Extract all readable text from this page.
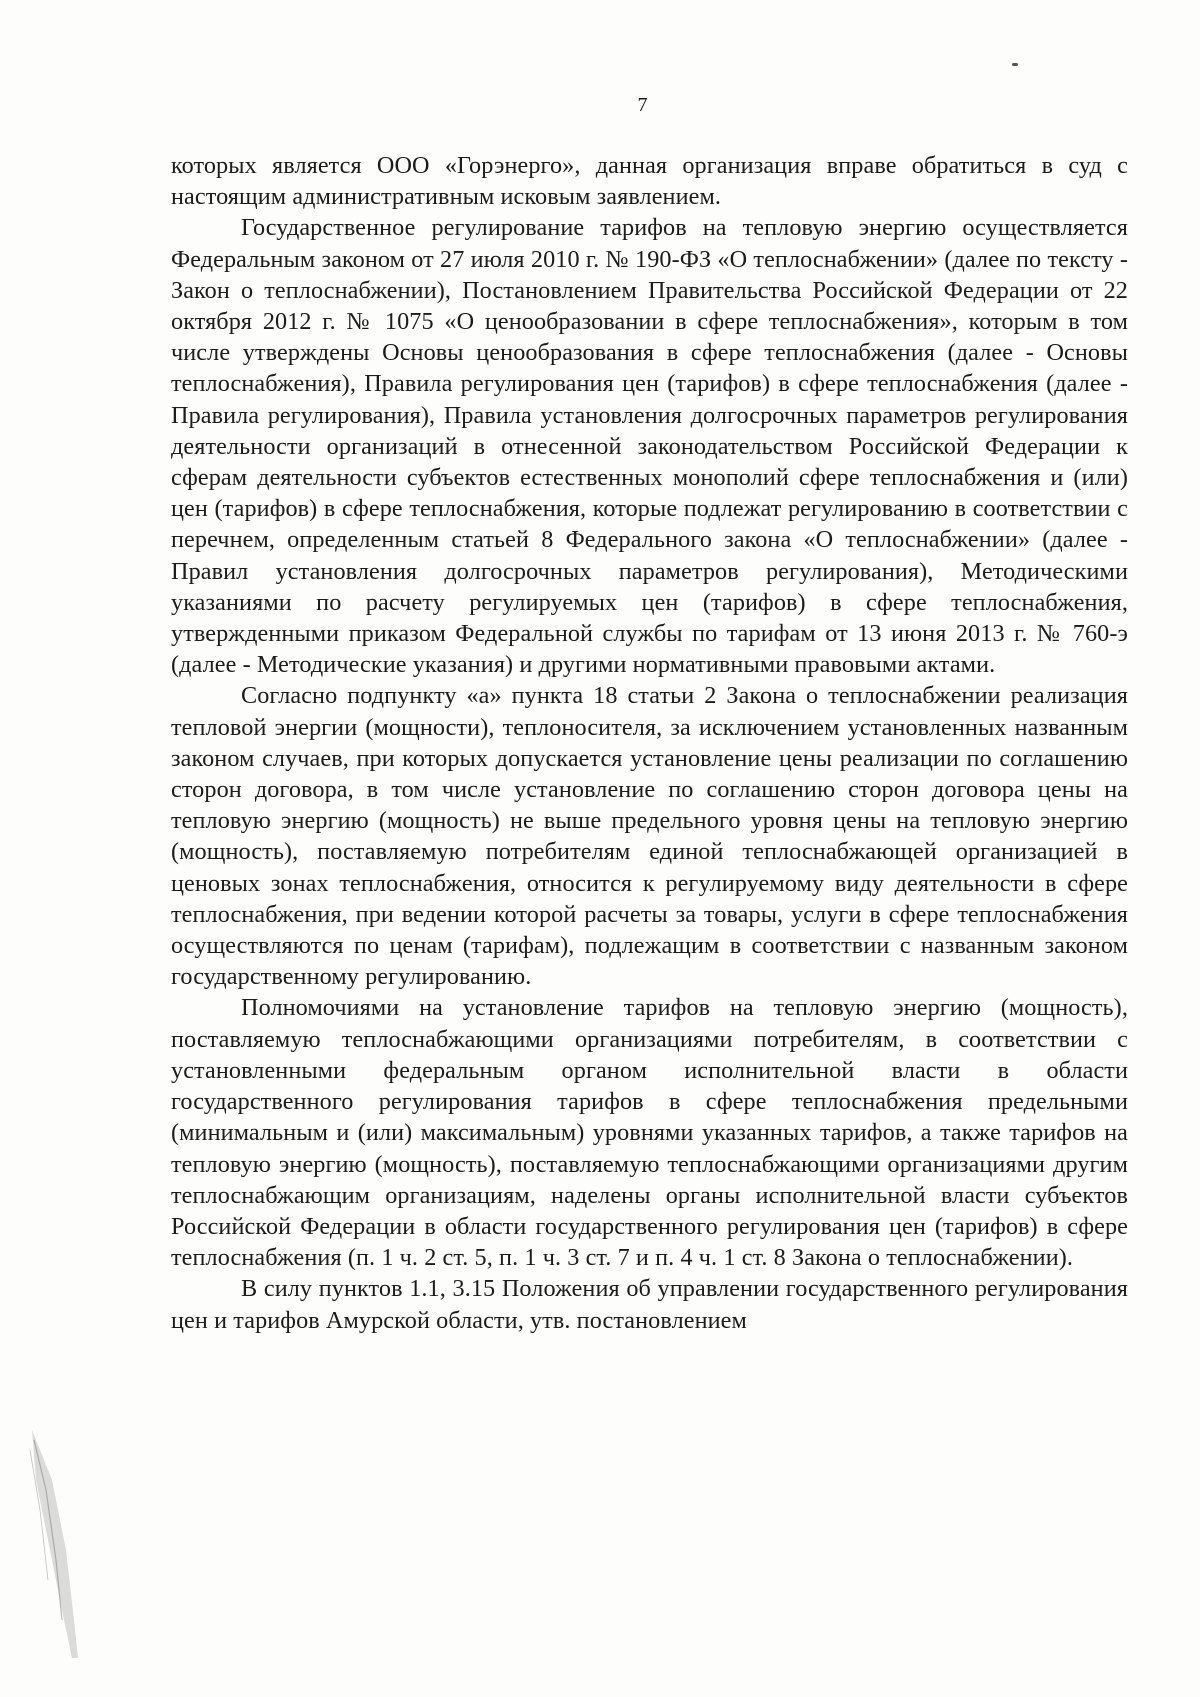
7

которых является ООО «Горэнерго», данная организация вправе обратиться в суд с настоящим административным исковым заявлением.

Государственное регулирование тарифов на тепловую энергию осуществляется Федеральным законом от 27 июля 2010 г. № 190-ФЗ «О теплоснабжении» (далее по тексту - Закон о теплоснабжении), Постановлением Правительства Российской Федерации от 22 октября 2012 г. № 1075 «О ценообразовании в сфере теплоснабжения», которым в том числе утверждены Основы ценообразования в сфере теплоснабжения (далее - Основы теплоснабжения), Правила регулирования цен (тарифов) в сфере теплоснабжения (далее - Правила регулирования), Правила установления долгосрочных параметров регулирования деятельности организаций в отнесенной законодательством Российской Федерации к сферам деятельности субъектов естественных монополий сфере теплоснабжения и (или) цен (тарифов) в сфере теплоснабжения, которые подлежат регулированию в соответствии с перечнем, определенным статьей 8 Федерального закона «О теплоснабжении» (далее - Правил установления долгосрочных параметров регулирования), Методическими указаниями по расчету регулируемых цен (тарифов) в сфере теплоснабжения, утвержденными приказом Федеральной службы по тарифам от 13 июня 2013 г. № 760-э (далее - Методические указания) и другими нормативными правовыми актами.

Согласно подпункту «а» пункта 18 статьи 2 Закона о теплоснабжении реализация тепловой энергии (мощности), теплоносителя, за исключением установленных названным законом случаев, при которых допускается установление цены реализации по соглашению сторон договора, в том числе установление по соглашению сторон договора цены на тепловую энергию (мощность) не выше предельного уровня цены на тепловую энергию (мощность), поставляемую потребителям единой теплоснабжающей организацией в ценовых зонах теплоснабжения, относится к регулируемому виду деятельности в сфере теплоснабжения, при ведении которой расчеты за товары, услуги в сфере теплоснабжения осуществляются по ценам (тарифам), подлежащим в соответствии с названным законом государственному регулированию.

Полномочиями на установление тарифов на тепловую энергию (мощность), поставляемую теплоснабжающими организациями потребителям, в соответствии с установленными федеральным органом исполнительной власти в области государственного регулирования тарифов в сфере теплоснабжения предельными (минимальным и (или) максимальным) уровнями указанных тарифов, а также тарифов на тепловую энергию (мощность), поставляемую теплоснабжающими организациями другим теплоснабжающим организациям, наделены органы исполнительной власти субъектов Российской Федерации в области государственного регулирования цен (тарифов) в сфере теплоснабжения (п. 1 ч. 2 ст. 5, п. 1 ч. 3 ст. 7 и п. 4 ч. 1 ст. 8 Закона о теплоснабжении).

В силу пунктов 1.1, 3.15 Положения об управлении государственного регулирования цен и тарифов Амурской области, утв. постановлением
